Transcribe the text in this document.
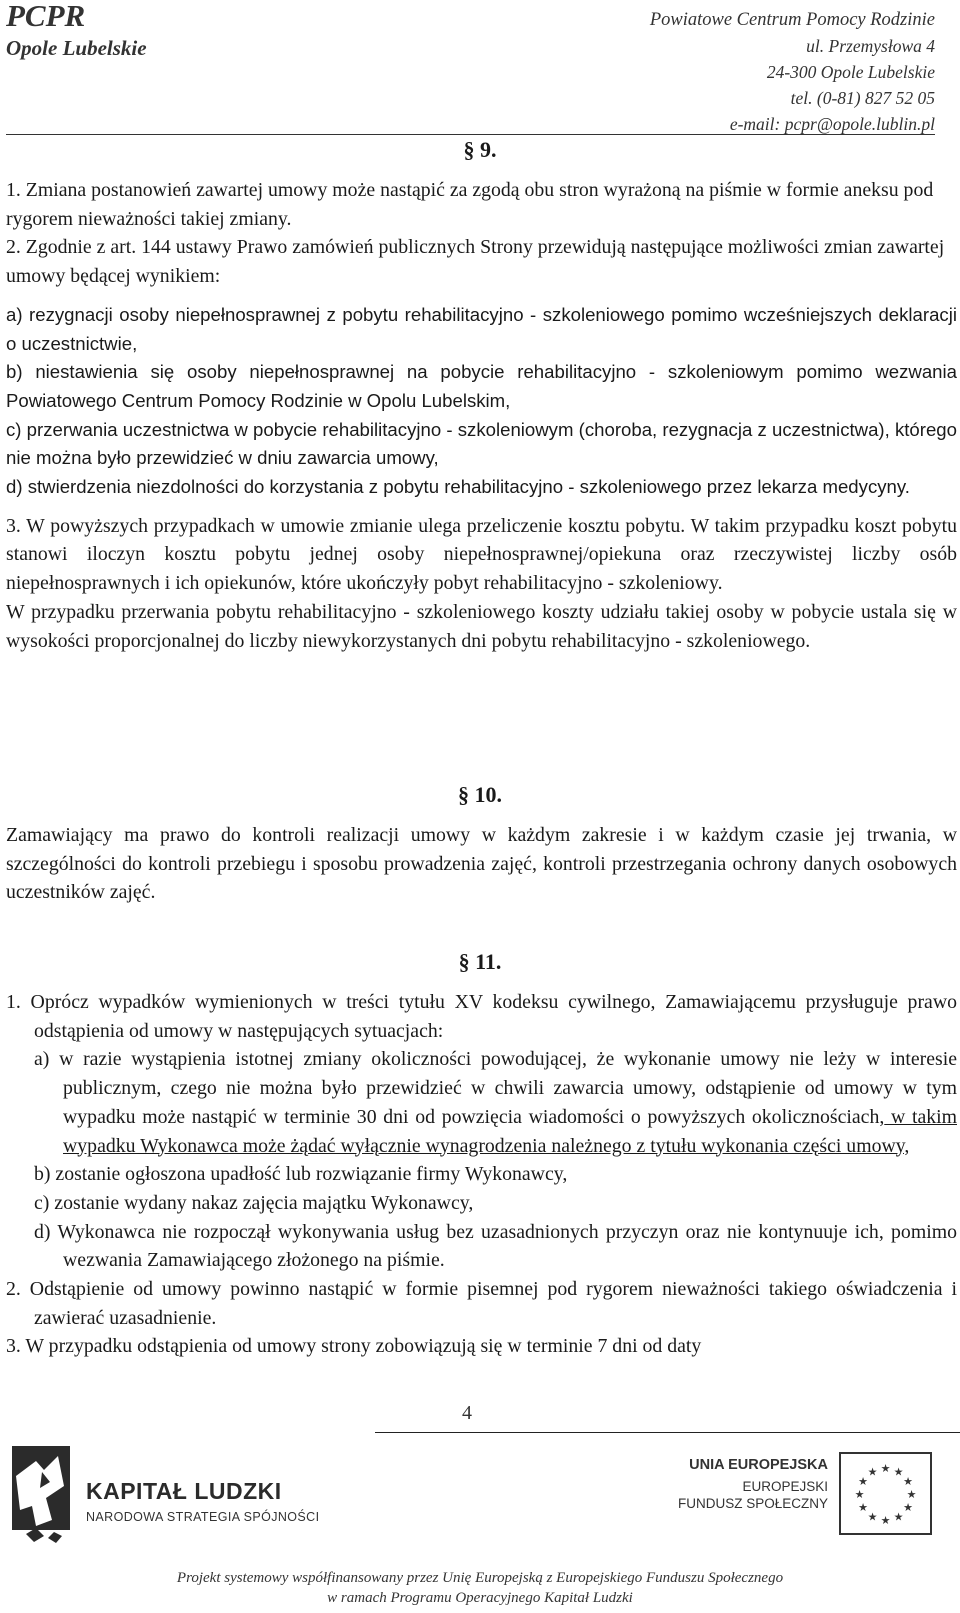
PCPR
Opole Lubelskie
Powiatowe Centrum Pomocy Rodzinie
ul. Przemysłowa 4
24-300 Opole Lubelskie
tel. (0-81) 827 52 05
e-mail: pcpr@opole.lublin.pl
§ 9.

1. Zmiana postanowień zawartej umowy może nastąpić za zgodą obu stron wyrażoną na piśmie w formie aneksu pod rygorem nieważności takiej zmiany.

2. Zgodnie z art. 144 ustawy Prawo zamówień publicznych Strony przewidują następujące możliwości zmian zawartej umowy będącej wynikiem:

a) rezygnacji osoby niepełnosprawnej z pobytu rehabilitacyjno - szkoleniowego pomimo wcześniejszych deklaracji o uczestnictwie,

b) niestawienia się osoby niepełnosprawnej na pobycie rehabilitacyjno - szkoleniowym pomimo wezwania Powiatowego Centrum Pomocy Rodzinie w Opolu Lubelskim,

c) przerwania uczestnictwa w pobycie rehabilitacyjno - szkoleniowym (choroba, rezygnacja z uczestnictwa), którego nie można było przewidzieć w dniu zawarcia umowy,

d) stwierdzenia niezdolności do korzystania z pobytu rehabilitacyjno - szkoleniowego przez lekarza medycyny.

3. W powyższych przypadkach w umowie zmianie ulega przeliczenie kosztu pobytu. W takim przypadku koszt pobytu stanowi iloczyn kosztu pobytu jednej osoby niepełnosprawnej/opiekuna oraz rzeczywistej liczby osób niepełnosprawnych i ich opiekunów, które ukończyły pobyt rehabilitacyjno - szkoleniowy.

W przypadku przerwania pobytu rehabilitacyjno - szkoleniowego koszty udziału takiej osoby w pobycie ustala się w wysokości proporcjonalnej do liczby niewykorzystanych dni pobytu rehabilitacyjno - szkoleniowego.

§ 10.
Zamawiający ma prawo do kontroli realizacji umowy w każdym zakresie i w każdym czasie jej trwania, w szczególności do kontroli przebiegu i sposobu prowadzenia zajęć, kontroli przestrzegania ochrony danych osobowych uczestników zajęć.
§ 11.

1. Oprócz wypadków wymienionych w treści tytułu XV kodeksu cywilnego, Zamawiającemu przysługuje prawo odstąpienia od umowy w następujących sytuacjach:

a) w razie wystąpienia istotnej zmiany okoliczności powodującej, że wykonanie umowy nie leży w interesie publicznym, czego nie można było przewidzieć w chwili zawarcia umowy, odstąpienie od umowy w tym wypadku może nastąpić w terminie 30 dni od powzięcia wiadomości o powyższych okolicznościach, w takim wypadku Wykonawca może żądać wyłącznie wynagrodzenia należnego z tytułu wykonania części umowy,

b) zostanie ogłoszona upadłość lub rozwiązanie firmy Wykonawcy,

c) zostanie wydany nakaz zajęcia majątku Wykonawcy,

d) Wykonawca nie rozpoczął wykonywania usług bez uzasadnionych przyczyn oraz nie kontynuuje ich, pomimo wezwania Zamawiającego złożonego na piśmie.

2. Odstąpienie od umowy powinno nastąpić w formie pisemnej pod rygorem nieważności takiego oświadczenia i zawierać uzasadnienie.

3. W przypadku odstąpienia od umowy strony zobowiązują się w terminie 7 dni od daty

4
KAPITAŁ LUDZKI
NARODOWA STRATEGIA SPÓJNOŚCI
UNIA EUROPEJSKA
EUROPEJSKI
FUNDUSZ SPOŁECZNY
★ ★
★
★
★
★
★
★
★
★
★
★
Projekt systemowy współfinansowany przez Unię Europejską z Europejskiego Funduszu Społecznego
w ramach Programu Operacyjnego Kapitał Ludzki
